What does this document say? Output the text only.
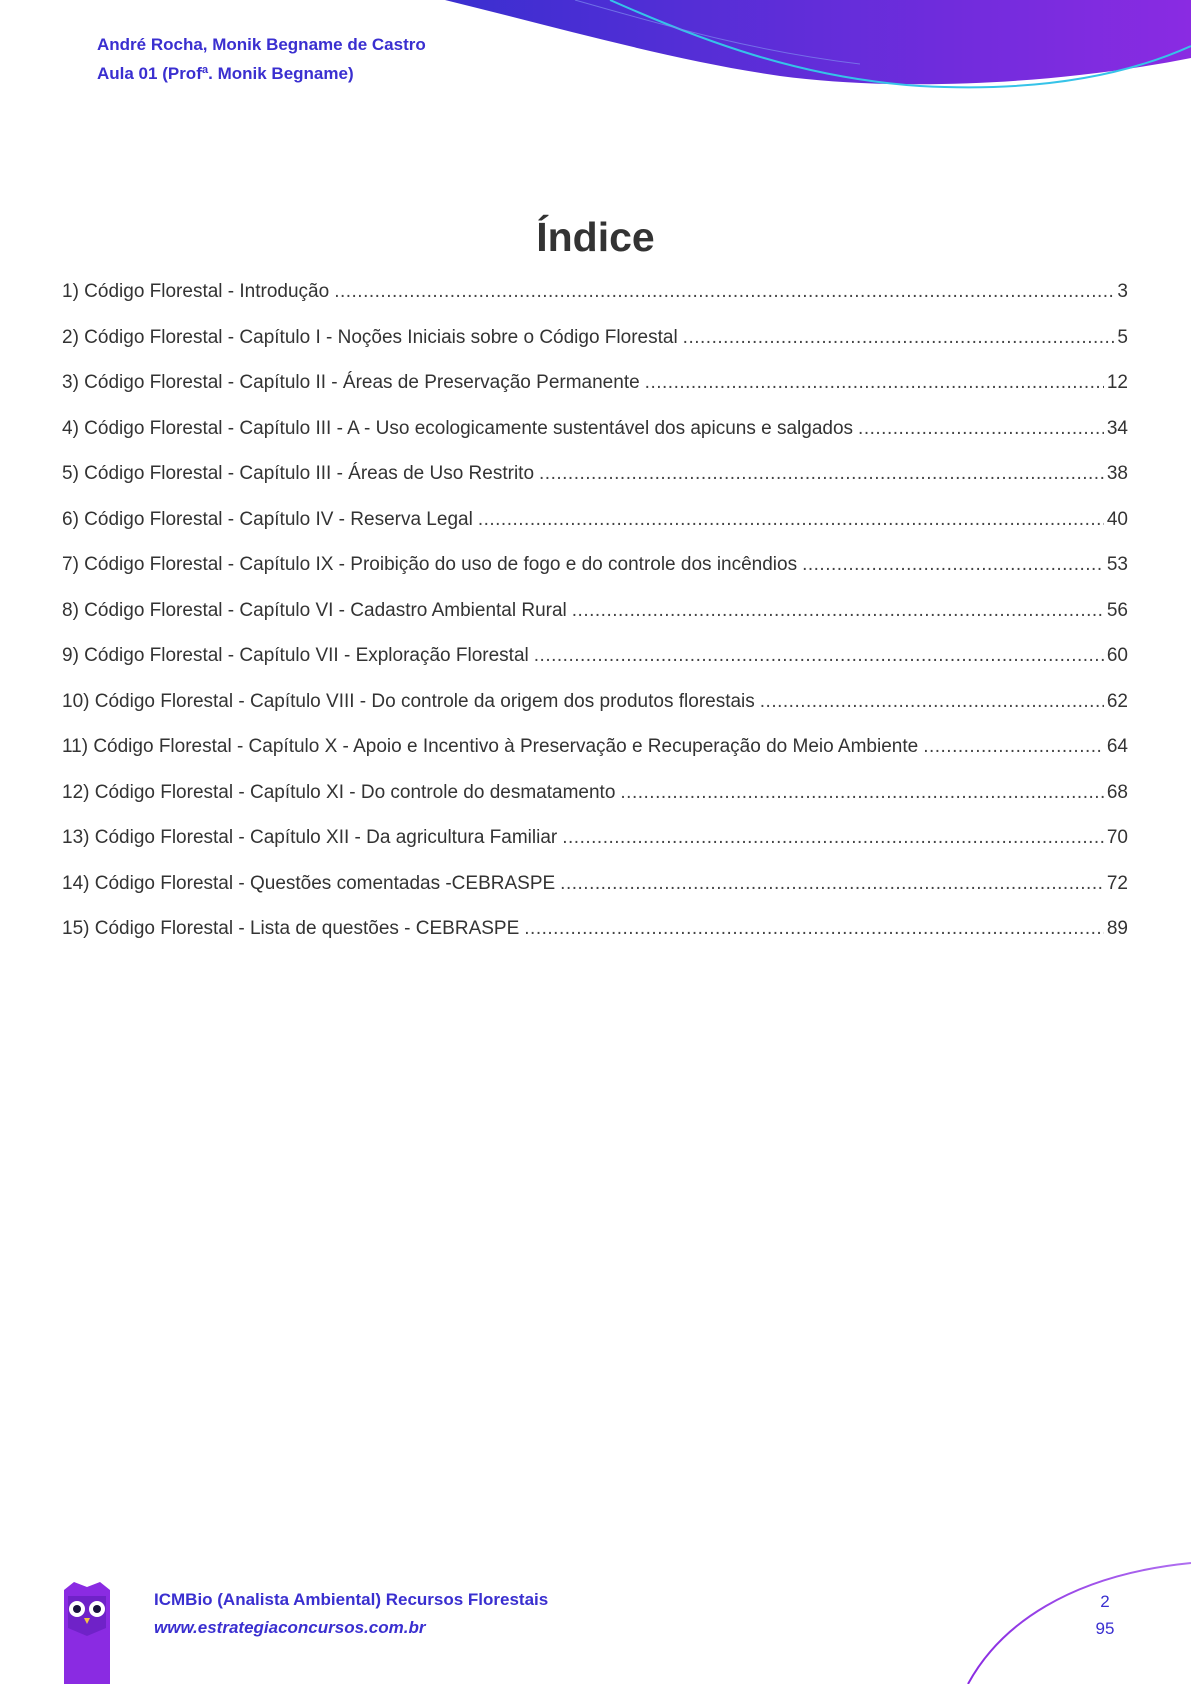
André Rocha, Monik Begname de Castro
Aula 01 (Profª. Monik Begname)
Índice
1) Código Florestal - Introdução .....	3
2) Código Florestal - Capítulo I - Noções Iniciais sobre o Código Florestal .....	5
3) Código Florestal - Capítulo II - Áreas de Preservação Permanente .....	12
4) Código Florestal - Capítulo III - A - Uso ecologicamente sustentável dos apicuns e salgados .....	34
5) Código Florestal - Capítulo III - Áreas de Uso Restrito .....	38
6) Código Florestal - Capítulo IV - Reserva Legal .....	40
7) Código Florestal - Capítulo IX - Proibição do uso de fogo e do controle dos incêndios .....	53
8) Código Florestal - Capítulo VI - Cadastro Ambiental Rural .....	56
9) Código Florestal - Capítulo VII - Exploração Florestal .....	60
10) Código Florestal - Capítulo VIII - Do controle da origem dos produtos florestais .....	62
11) Código Florestal - Capítulo X - Apoio e Incentivo à Preservação e Recuperação do Meio Ambiente .....	64
12) Código Florestal - Capítulo XI - Do controle do desmatamento .....	68
13) Código Florestal - Capítulo XII - Da agricultura Familiar .....	70
14) Código Florestal - Questões comentadas -CEBRASPE .....	72
15) Código Florestal - Lista de questões - CEBRASPE .....	89
ICMBio (Analista Ambiental) Recursos Florestais
www.estrategiaconcursos.com.br
2
95
